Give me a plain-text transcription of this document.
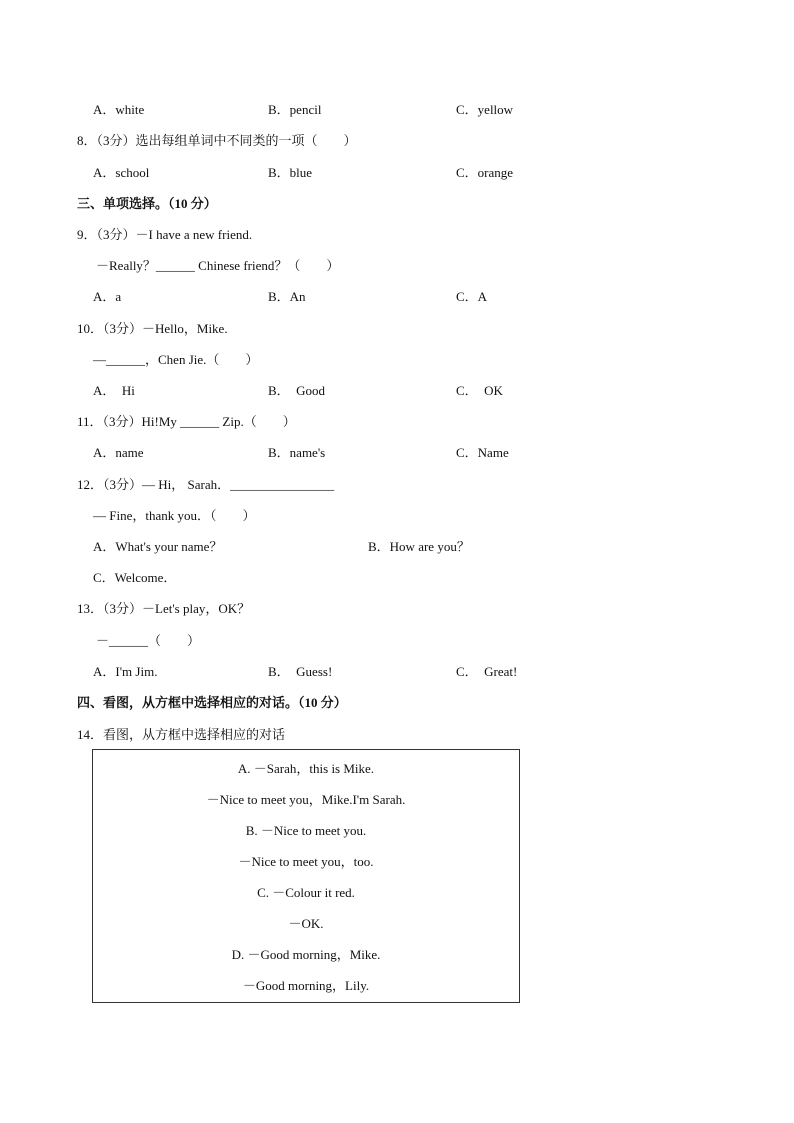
A．white	B．pencil	C．yellow
8．（3分）选出每组单词中不同类的一项（　　）
A．school	B．blue	C．orange
三、单项选择。（10 分）
9．（3分）－I have a new friend.
－Really？______ Chinese friend？（　　）
A．a	B．An	C．A
10．（3分）－Hello，Mike.
—______，Chen Jie.（　　）
A．  Hi	B．  Good	C．  OK
11．（3分）Hi!My ______ Zip.（　　）
A．name	B．name's	C．Name
12．（3分）— Hi， Sarah．________________
— Fine，thank you．（　　）
A．What's your name？	B．How are you？
C．Welcome．
13．（3分）－Let's play，OK？
－______（　　）
A．I'm Jim.	B．  Guess!	C．  Great!
四、看图，从方框中选择相应的对话。（10 分）
14．看图，从方框中选择相应的对话
A. －Sarah，this is Mike.
－Nice to meet you，Mike.I'm Sarah.
B. －Nice to meet you.
－Nice to meet you，too.
C. －Colour it red.
－OK.
D. －Good morning，Mike.
－Good morning，Lily.
